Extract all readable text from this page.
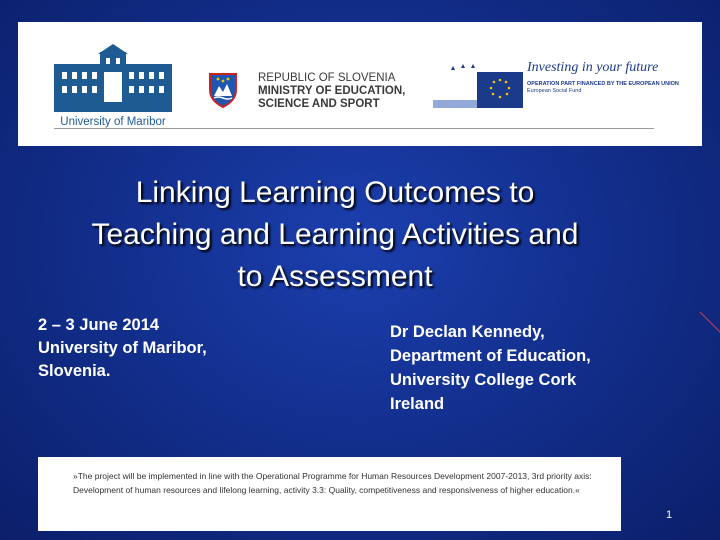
University of Maribor
REPUBLIC OF SLOVENIA
MINISTRY OF EDUCATION,
SCIENCE AND SPORT
Investing in your future
OPERATION PART FINANCED BY THE EUROPEAN UNION
European Social Fund
Linking Learning Outcomes to
Teaching and Learning Activities and
to Assessment
2 – 3 June 2014
University of Maribor,
Slovenia.
Dr Declan Kennedy,
Department of Education,
University College Cork
Ireland
»The project will be implemented in line with the Operational Programme for Human Resources Development 2007-2013, 3rd priority axis: Development of human resources and lifelong learning, activity 3.3: Quality, competitiveness and responsiveness of higher education.«
1
